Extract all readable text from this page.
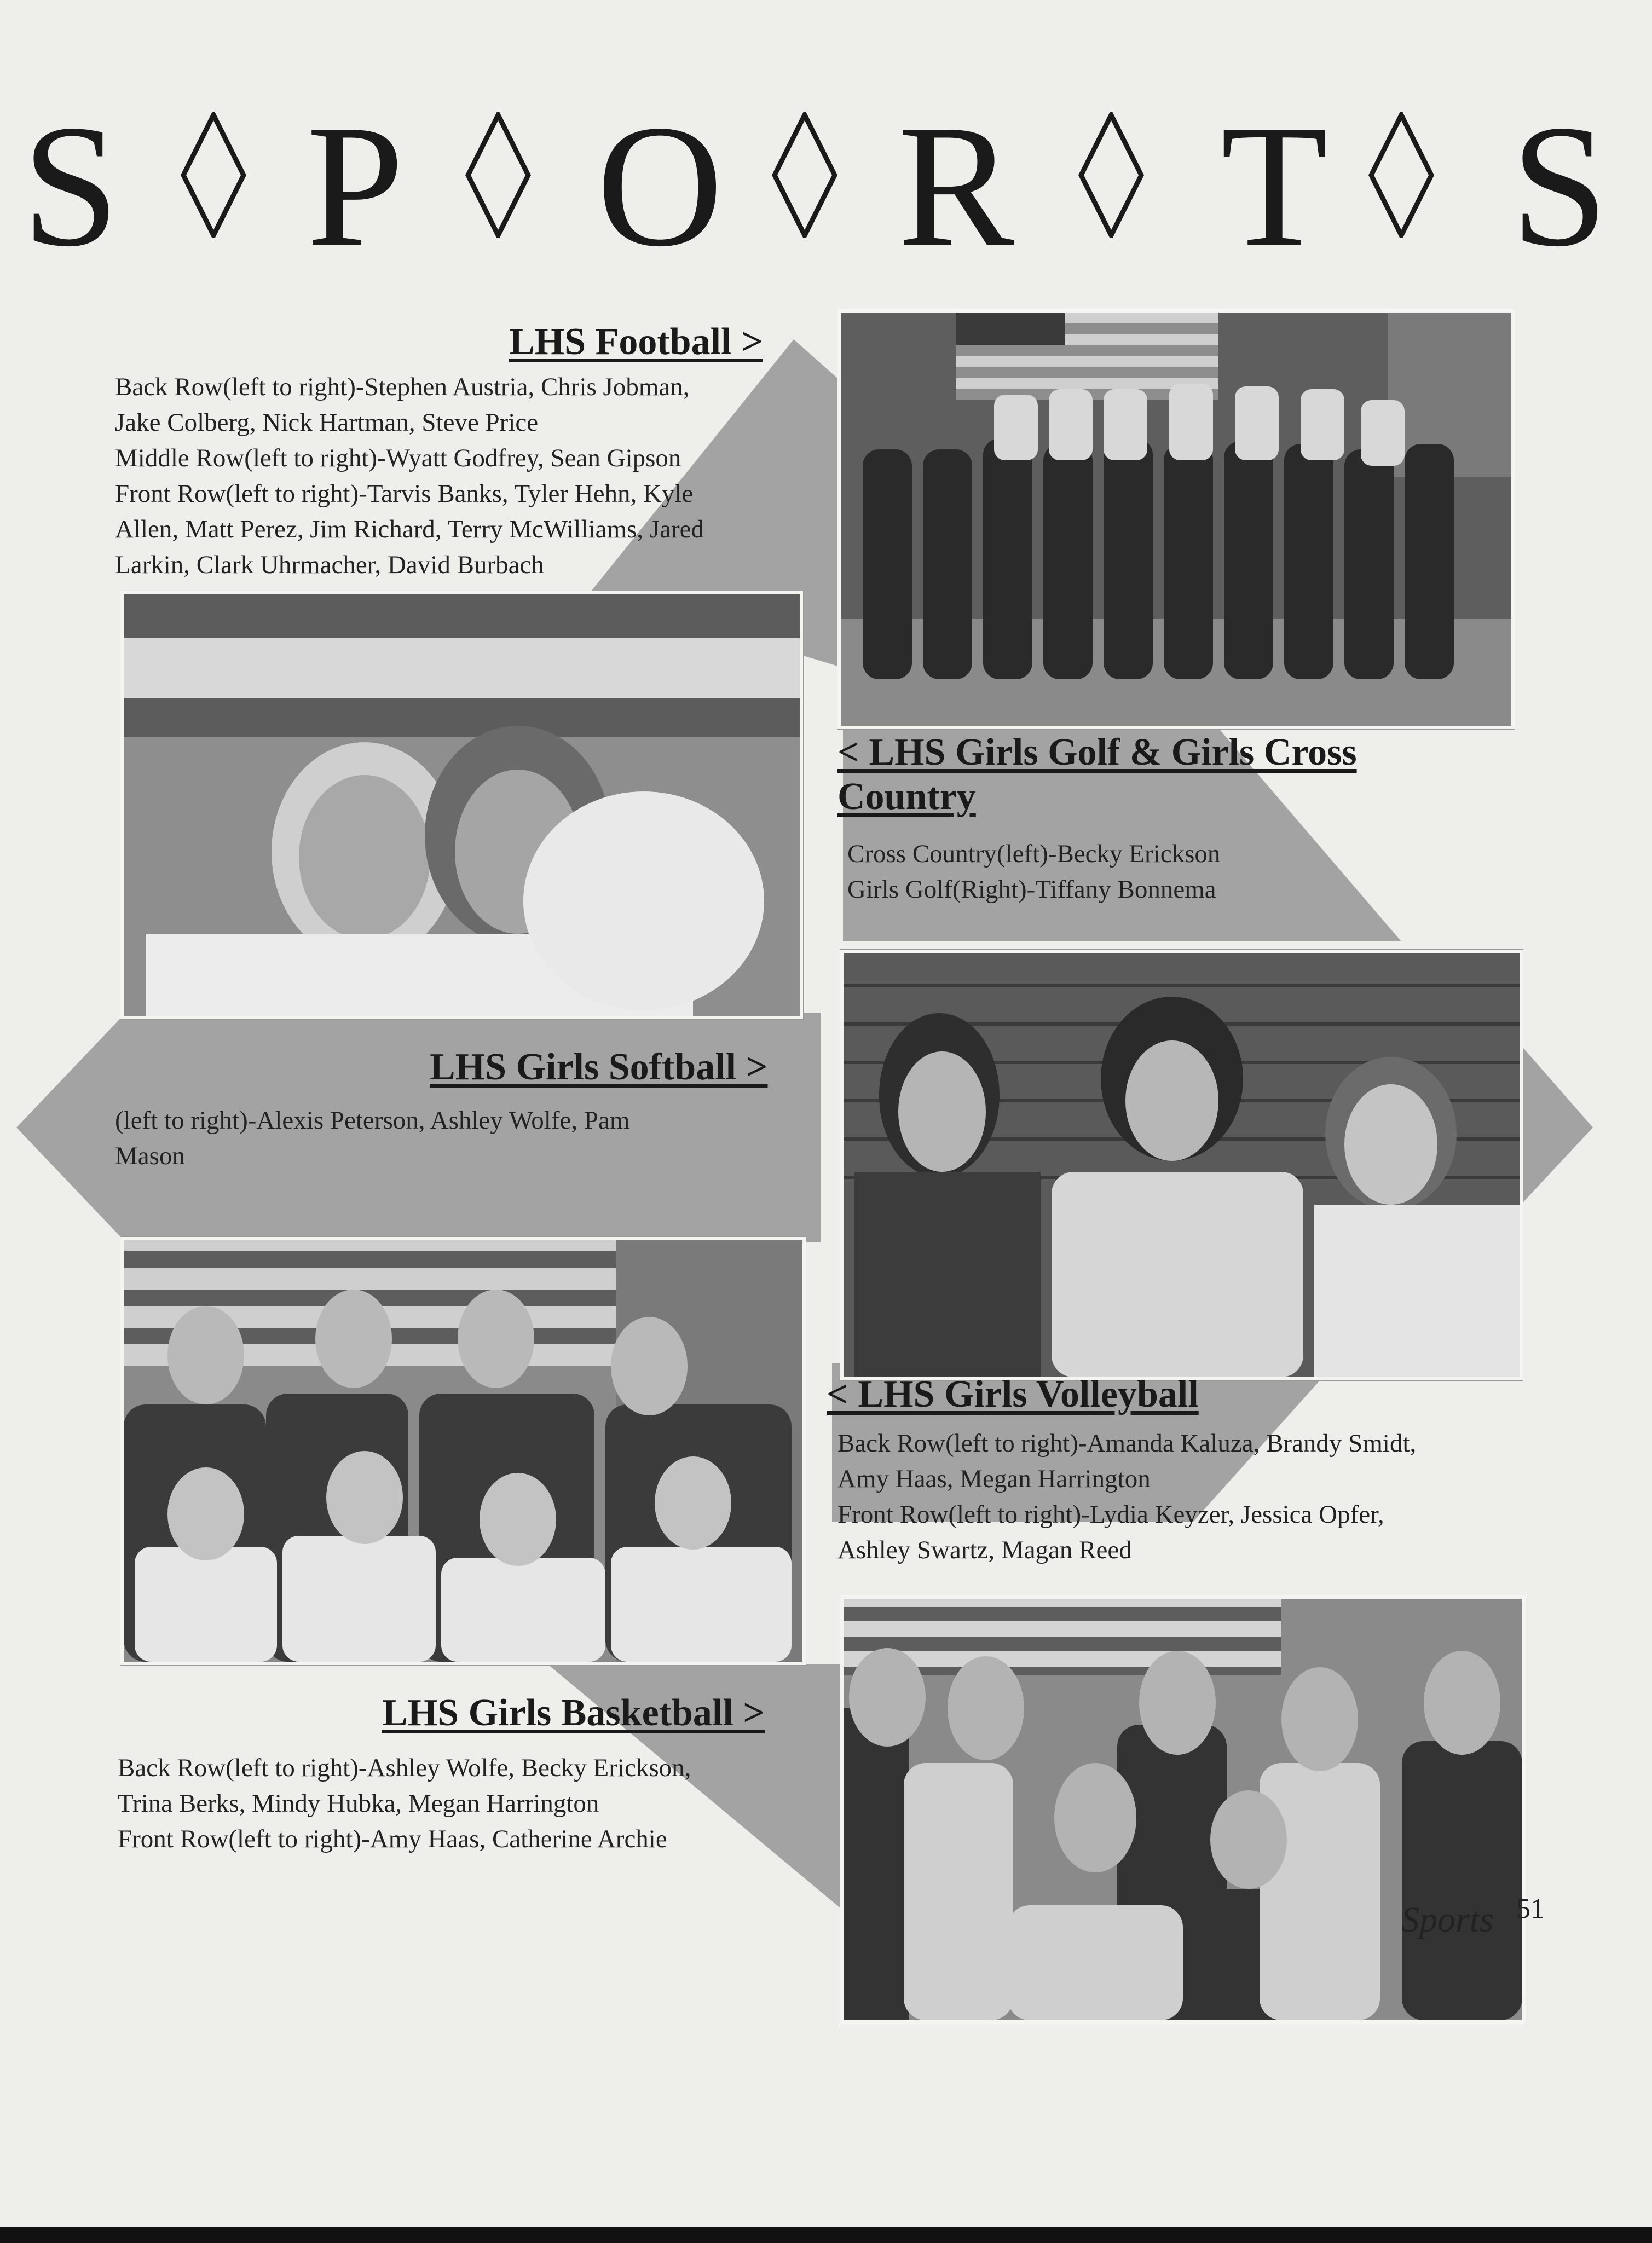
S P O R T S
LHS Football >
Back Row(left to right)-Stephen Austria, Chris Jobman,
Jake Colberg, Nick Hartman, Steve Price
Middle Row(left to right)-Wyatt Godfrey, Sean Gipson
Front Row(left to right)-Tarvis Banks, Tyler Hehn, Kyle
Allen, Matt Perez, Jim Richard, Terry McWilliams, Jared
Larkin, Clark Uhrmacher, David Burbach
< LHS Girls Golf & Girls Cross
Country
Cross Country(left)-Becky Erickson
Girls Golf(Right)-Tiffany Bonnema
LHS Girls Softball >
(left to right)-Alexis Peterson, Ashley Wolfe, Pam
Mason
< LHS Girls Volleyball
Back Row(left to right)-Amanda Kaluza, Brandy Smidt,
Amy Haas, Megan Harrington
Front Row(left to right)-Lydia Keyzer, Jessica Opfer,
Ashley Swartz, Magan Reed
LHS Girls Basketball >
Back Row(left to right)-Ashley Wolfe, Becky Erickson,
Trina Berks, Mindy Hubka, Megan Harrington
Front Row(left to right)-Amy Haas, Catherine Archie
Sports 51
